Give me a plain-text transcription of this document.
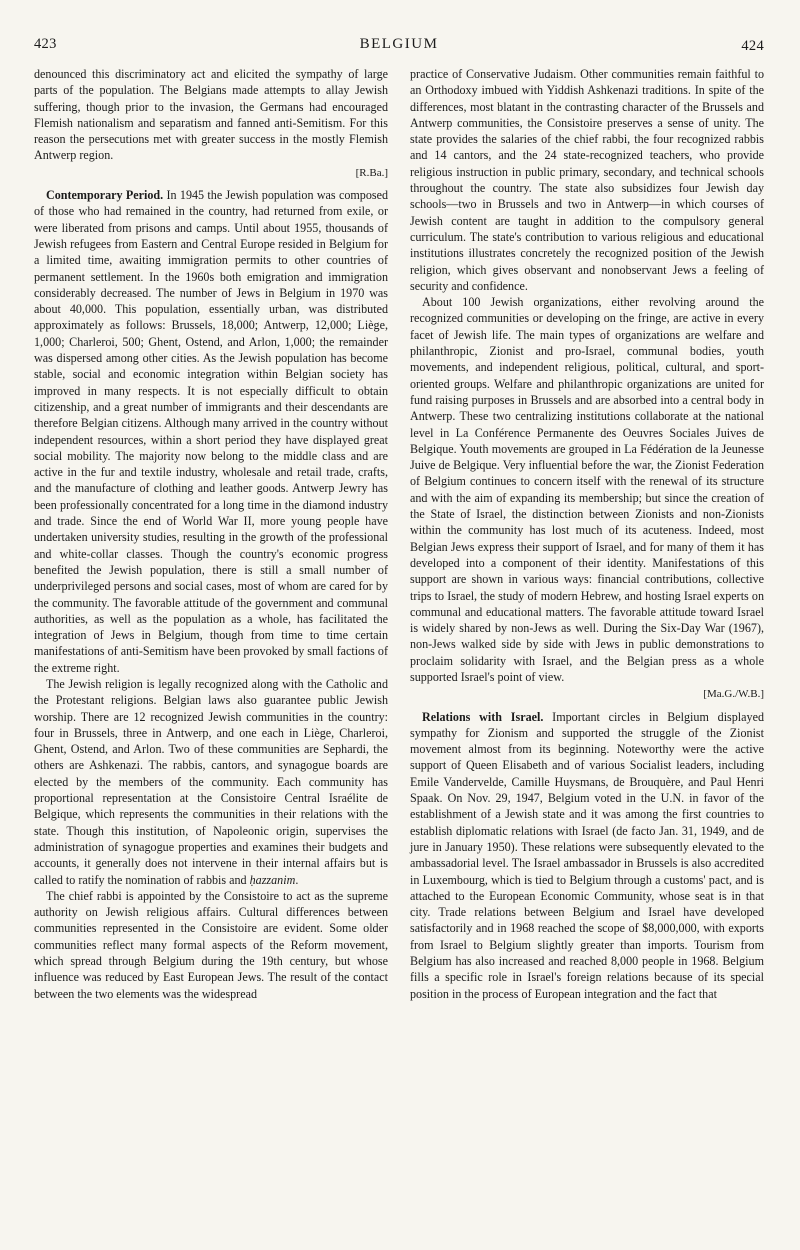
423	BELGIUM	424

denounced this discriminatory act and elicited the sympathy of large parts of the population. The Belgians made attempts to allay Jewish suffering, though prior to the invasion, the Germans had encouraged Flemish nationalism and separatism and fanned anti-Semitism. For this reason the persecutions met with greater success in the mostly Flemish Antwerp region.

[R.Ba.]

Contemporary Period. In 1945 the Jewish population was composed of those who had remained in the country, had returned from exile, or were liberated from prisons and camps. Until about 1955, thousands of Jewish refugees from Eastern and Central Europe resided in Belgium for a limited time, awaiting immigration permits to other countries of permanent settlement. In the 1960s both emigration and immigration considerably decreased. The number of Jews in Belgium in 1970 was about 40,000. This population, essentially urban, was distributed approximately as follows: Brussels, 18,000; Antwerp, 12,000; Liège, 1,000; Charleroi, 500; Ghent, Ostend, and Arlon, 1,000; the remainder was dispersed among other cities. As the Jewish population has become stable, social and economic integration within Belgian society has improved in many respects. It is not especially difficult to obtain citizenship, and a great number of immigrants and their descendants are therefore Belgian citizens. Although many arrived in the country without independent resources, within a short period they have displayed great social mobility. The majority now belong to the middle class and are active in the fur and textile industry, wholesale and retail trade, crafts, and the manufacture of clothing and leather goods. Antwerp Jewry has been professionally concentrated for a long time in the diamond industry and trade. Since the end of World War II, more young people have undertaken university studies, resulting in the growth of the professional and white-collar classes. Though the country's economic progress benefited the Jewish population, there is still a small number of underprivileged persons and social cases, most of whom are cared for by the community. The favorable attitude of the government and communal authorities, as well as the population as a whole, has facilitated the integration of Jews in Belgium, though from time to time certain manifestations of anti-Semitism have been provoked by small factions of the extreme right.

The Jewish religion is legally recognized along with the Catholic and the Protestant religions. Belgian laws also guarantee public Jewish worship. There are 12 recognized Jewish communities in the country: four in Brussels, three in Antwerp, and one each in Liège, Charleroi, Ghent, Ostend, and Arlon. Two of these communities are Sephardi, the others are Ashkenazi. The rabbis, cantors, and synagogue boards are elected by the members of the community. Each community has proportional representation at the Consistoire Central Israélite de Belgique, which represents the communities in their relations with the state. Though this institution, of Napoleonic origin, supervises the administration of synagogue properties and examines their budgets and accounts, it generally does not intervene in their internal affairs but is called to ratify the nomination of rabbis and ḥazzanim.

The chief rabbi is appointed by the Consistoire to act as the supreme authority on Jewish religious affairs. Cultural differences between communities represented in the Consistoire are evident. Some older communities reflect many formal aspects of the Reform movement, which spread through Belgium during the 19th century, but whose influence was reduced by East European Jews. The result of the contact between the two elements was the widespread

practice of Conservative Judaism. Other communities remain faithful to an Orthodoxy imbued with Yiddish Ashkenazi traditions. In spite of the differences, most blatant in the contrasting character of the Brussels and Antwerp communities, the Consistoire preserves a sense of unity. The state provides the salaries of the chief rabbi, the four recognized rabbis and 14 cantors, and the 24 state-recognized teachers, who provide religious instruction in public primary, secondary, and technical schools throughout the country. The state also subsidizes four Jewish day schools—two in Brussels and two in Antwerp—in which courses of Jewish content are taught in addition to the compulsory general curriculum. The state's contribution to various religious and educational institutions illustrates concretely the recognized position of the Jewish religion, which gives observant and nonobservant Jews a feeling of security and confidence.

About 100 Jewish organizations, either revolving around the recognized communities or developing on the fringe, are active in every facet of Jewish life. The main types of organizations are welfare and philanthropic, Zionist and pro-Israel, communal bodies, youth movements, and independent religious, political, cultural, and sport-oriented groups. Welfare and philanthropic organizations are united for fund raising purposes in Brussels and are absorbed into a central body in Antwerp. These two centralizing institutions collaborate at the national level in La Conférence Permanente des Oeuvres Sociales Juives de Belgique. Youth movements are grouped in La Fédération de la Jeunesse Juive de Belgique. Very influential before the war, the Zionist Federation of Belgium continues to concern itself with the renewal of its structure and with the aim of expanding its membership; but since the creation of the State of Israel, the distinction between Zionists and non-Zionists within the community has lost much of its acuteness. Indeed, most Belgian Jews express their support of Israel, and for many of them it has developed into a component of their identity. Manifestations of this support are shown in various ways: financial contributions, collective trips to Israel, the study of modern Hebrew, and hosting Israel experts on communal and educational matters. The favorable attitude toward Israel is widely shared by non-Jews as well. During the Six-Day War (1967), non-Jews walked side by side with Jews in public demonstrations to proclaim solidarity with Israel, and the Belgian press as a whole supported Israel's point of view.

[Ma.G./W.B.]

Relations with Israel. Important circles in Belgium displayed sympathy for Zionism and supported the struggle of the Zionist movement almost from its beginning. Noteworthy were the active support of Queen Elisabeth and of various Socialist leaders, including Emile Vandervelde, Camille Huysmans, de Brouquère, and Paul Henri Spaak. On Nov. 29, 1947, Belgium voted in the U.N. in favor of the establishment of a Jewish state and it was among the first countries to establish diplomatic relations with Israel (de facto Jan. 31, 1949, and de jure in January 1950). These relations were subsequently elevated to the ambassadorial level. The Israel ambassador in Brussels is also accredited in Luxembourg, which is tied to Belgium through a customs' pact, and is attached to the European Economic Community, whose seat is in that city. Trade relations between Belgium and Israel have developed satisfactorily and in 1968 reached the scope of $8,000,000, with exports from Israel to Belgium slightly greater than imports. Tourism from Belgium has also increased and reached 8,000 people in 1968. Belgium fills a specific role in Israel's foreign relations because of its special position in the process of European integration and the fact that
